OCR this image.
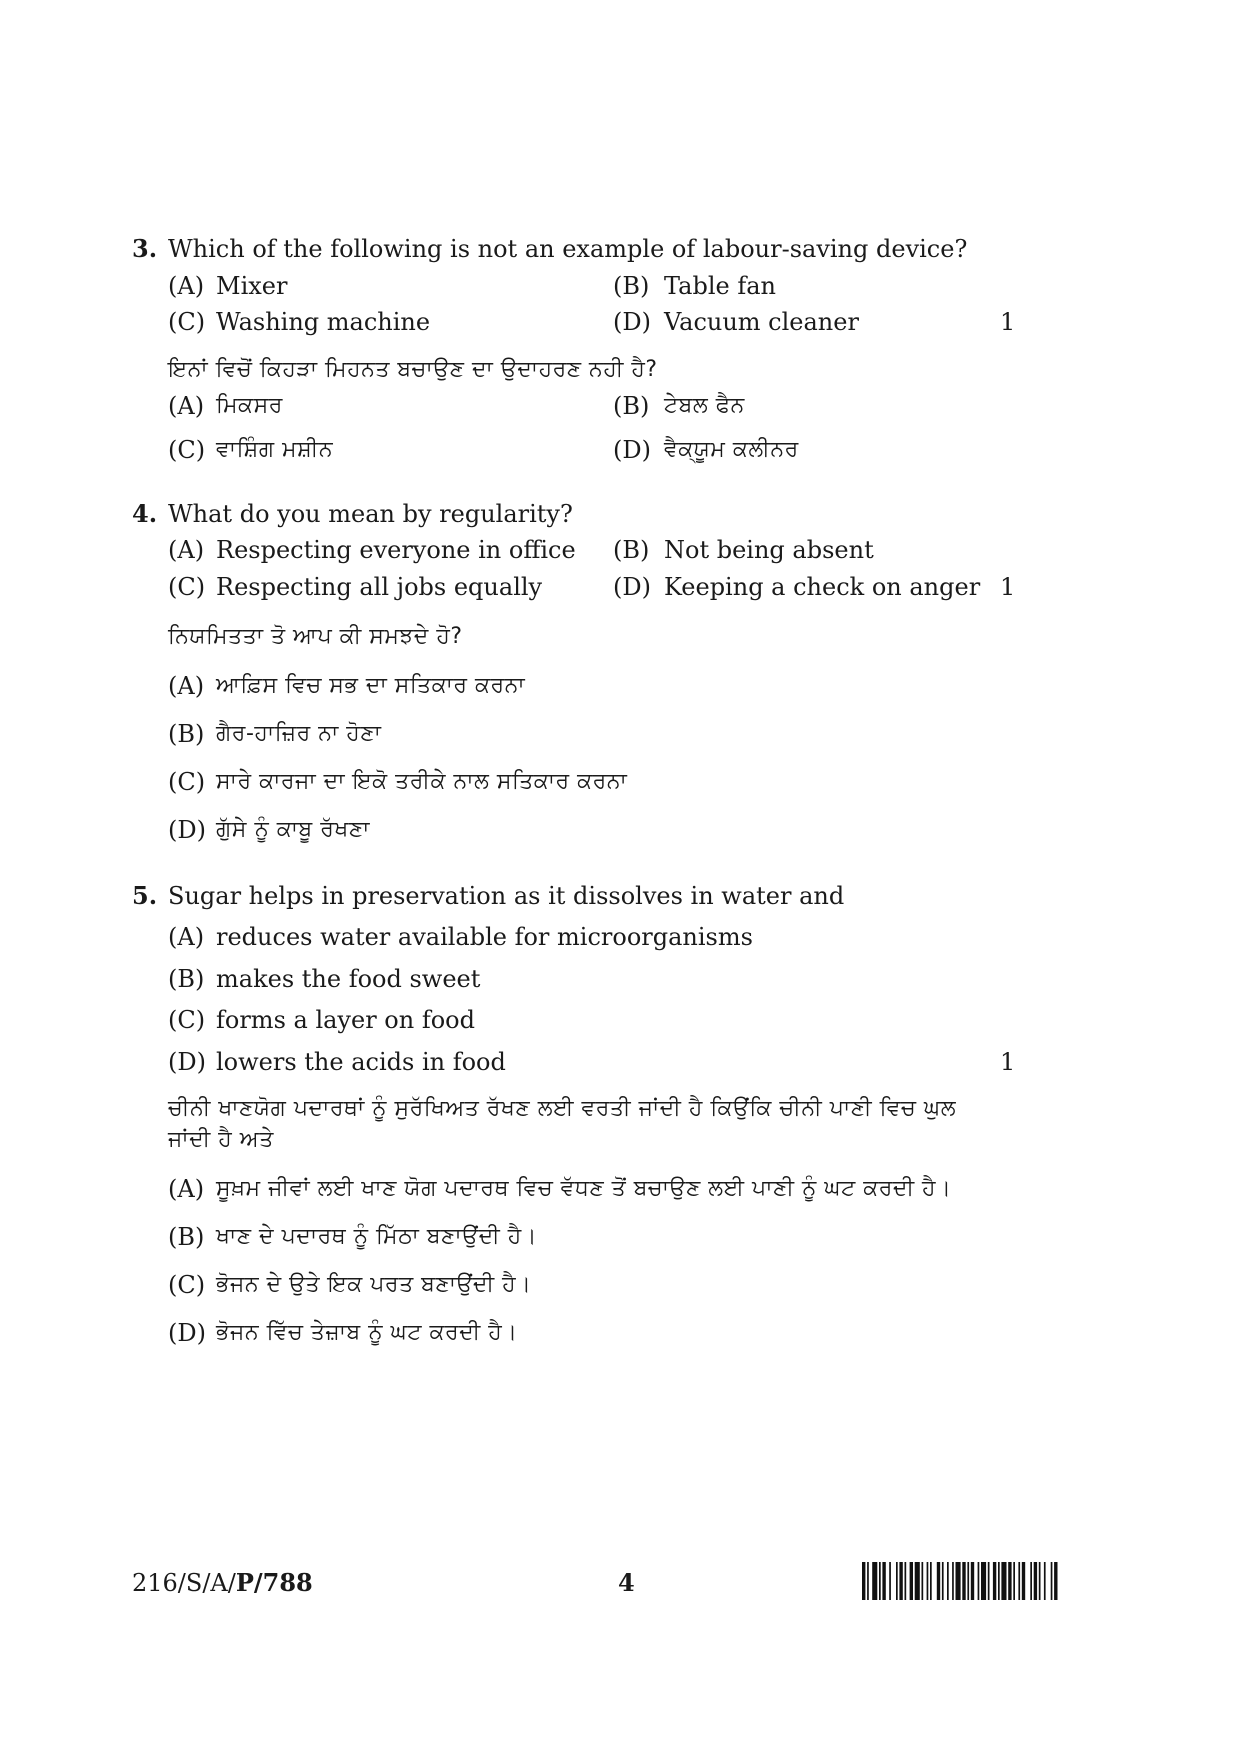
3. Which of the following is not an example of labour-saving device?
(A) Mixer	(B) Table fan
(C) Washing machine	(D) Vacuum cleaner	1
ਇਨਾਂ ਵਿਚੋਂ ਕਿਹੜਾ ਮਿਹਨਤ ਬਚਾਉਣ ਦਾ ਉਦਾਹਰਣ ਨਹੀ ਹੈ?
(A) ਮਿਕਸਰ	(B) ਟੇਬਲ ਫੈਨ
(C) ਵਾਸ਼ਿੰਗ ਮਸ਼ੀਨ	(D) ਵੈਕ੍ਯੂਮ ਕਲੀਨਰ
4. What do you mean by regularity?
(A) Respecting everyone in office (B) Not being absent
(C) Respecting all jobs equally	(D) Keeping a check on anger 1
ਨਿਯਮਿਤਤਾ ਤੋ ਆਪ ਕੀ ਸਮਝਦੇ ਹੋ?
(A) ਆਫ਼ਿਸ ਵਿਚ ਸਭ ਦਾ ਸਤਿਕਾਰ ਕਰਨਾ
(B) ਗੈਰ-ਹਾਜ਼ਿਰ ਨਾ ਹੋਣਾ
(C) ਸਾਰੇ ਕਾਰਜਾ ਦਾ ਇਕੋ ਤਰੀਕੇ ਨਾਲ ਸਤਿਕਾਰ ਕਰਨਾ
(D) ਗੁੱਸੇ ਨੂੰ ਕਾਬੂ ਰੱਖਣਾ
5. Sugar helps in preservation as it dissolves in water and
(A) reduces water available for microorganisms
(B) makes the food sweet
(C) forms a layer on food
(D) lowers the acids in food	1
ਚੀਨੀ ਖਾਣਯੋਗ ਪਦਾਰਥਾਂ ਨੂੰ ਸੁਰੱਖਿਅਤ ਰੱਖਣ ਲਈ ਵਰਤੀ ਜਾਂਦੀ ਹੈ ਕਿਉਂਕਿ ਚੀਨੀ ਪਾਣੀ ਵਿਚ ਘੁਲ
ਜਾਂਦੀ ਹੈ ਅਤੇ
(A) ਸੂਖ਼ਮ ਜੀਵਾਂ ਲਈ ਖਾਣ ਯੋਗ ਪਦਾਰਥ ਵਿਚ ਵੱਧਣ ਤੋਂ ਬਚਾਉਣ ਲਈ ਪਾਣੀ ਨੂੰ ਘਟ ਕਰਦੀ ਹੈ।
(B) ਖਾਣ ਦੇ ਪਦਾਰਥ ਨੂੰ ਮਿੱਠਾ ਬਣਾਉਂਦੀ ਹੈ।
(C) ਭੋਜਨ ਦੇ ਉਤੇ ਇਕ ਪਰਤ ਬਣਾਉਂਦੀ ਹੈ।
(D) ਭੋਜਨ ਵਿੱਚ ਤੇਜ਼ਾਬ ਨੂੰ ਘਟ ਕਰਦੀ ਹੈ।
216/S/A/P/788	4
